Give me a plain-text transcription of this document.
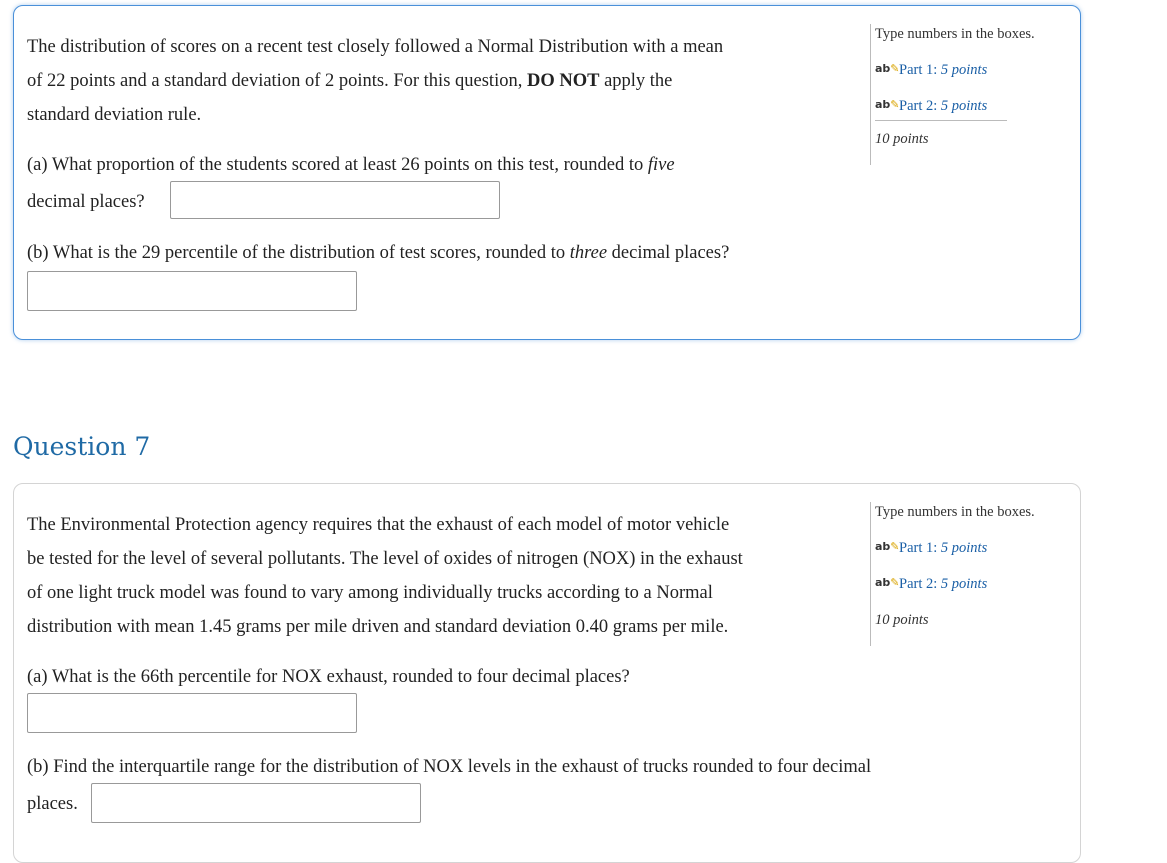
The distribution of scores on a recent test closely followed a Normal Distribution with a mean
of 22 points and a standard deviation of 2 points. For this question, DO NOT apply the
standard deviation rule.
(a) What proportion of the students scored at least 26 points on this test, rounded to five
decimal places?
(b) What is the 29 percentile of the distribution of test scores, rounded to three decimal places?
Type numbers in the boxes.
ab✎Part 1: 5 points
ab✎Part 2: 5 points
10 points
Question 7
The Environmental Protection agency requires that the exhaust of each model of motor vehicle
be tested for the level of several pollutants. The level of oxides of nitrogen (NOX) in the exhaust
of one light truck model was found to vary among individually trucks according to a Normal
distribution with mean 1.45 grams per mile driven and standard deviation 0.40 grams per mile.
(a) What is the 66th percentile for NOX exhaust, rounded to four decimal places?
(b) Find the interquartile range for the distribution of NOX levels in the exhaust of trucks rounded to four decimal
places.
Type numbers in the boxes.
ab✎Part 1: 5 points
ab✎Part 2: 5 points
10 points
